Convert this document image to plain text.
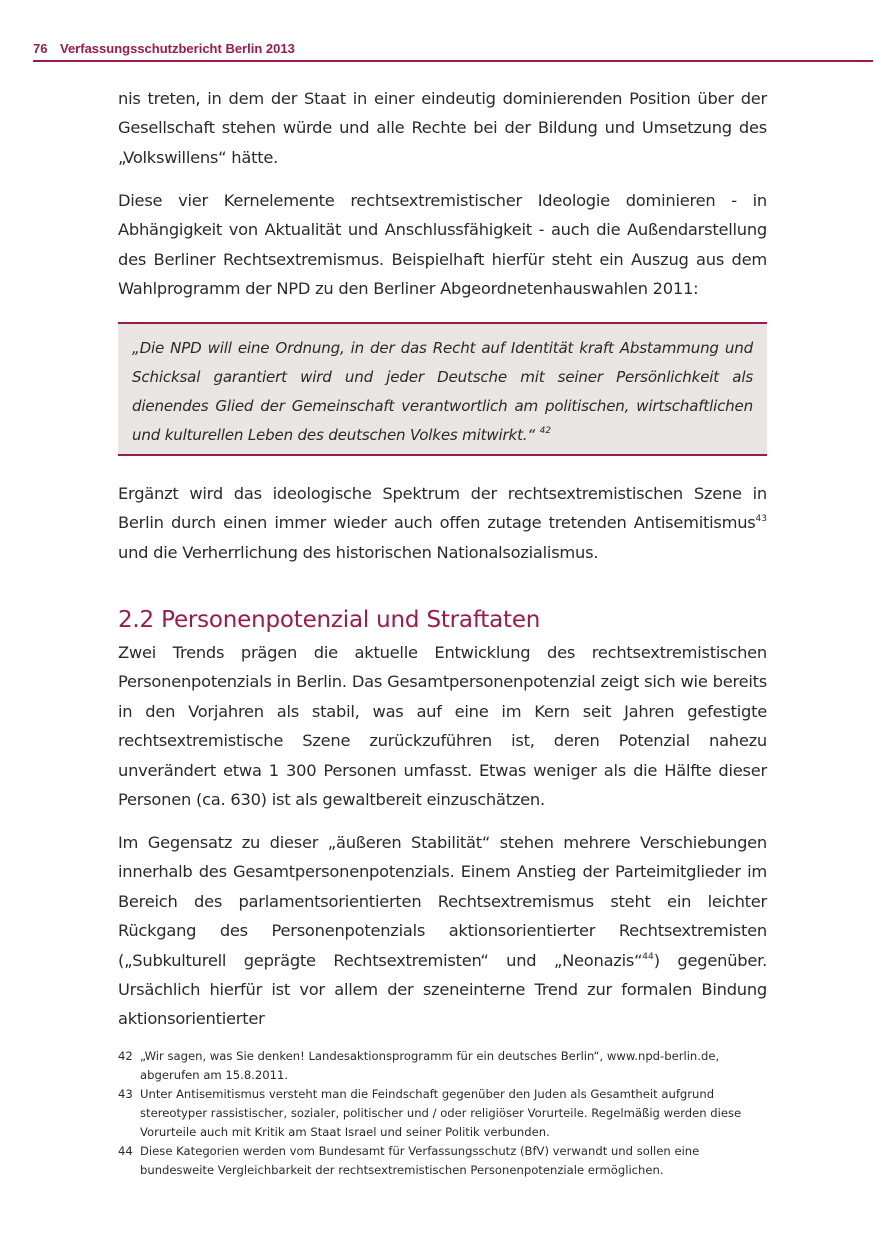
76 Verfassungsschutzbericht Berlin 2013

nis treten, in dem der Staat in einer eindeutig dominierenden Position über der Gesellschaft stehen würde und alle Rechte bei der Bildung und Umsetzung des „Volkswillens“ hätte.

Diese vier Kernelemente rechtsextremistischer Ideologie dominieren - in Abhängigkeit von Aktualität und Anschlussfähigkeit - auch die Außendarstellung des Berliner Rechtsextremismus. Beispielhaft hierfür steht ein Auszug aus dem Wahlprogramm der NPD zu den Berliner Abgeordnetenhauswahlen 2011:

„Die NPD will eine Ordnung, in der das Recht auf Identität kraft Abstammung und Schicksal garantiert wird und jeder Deutsche mit seiner Persönlichkeit als dienendes Glied der Gemeinschaft verantwortlich am politischen, wirtschaftlichen und kulturellen Leben des deutschen Volkes mitwirkt.“ $^{42}$

Ergänzt wird das ideologische Spektrum der rechtsextremistischen Szene in Berlin durch einen immer wieder auch offen zutage tretenden Antisemitismus$^{43}$ und die Verherrlichung des historischen Nationalsozialismus.

2.2 Personenpotenzial und Straftaten

Zwei Trends prägen die aktuelle Entwicklung des rechtsextremistischen Personenpotenzials in Berlin. Das Gesamtpersonenpotenzial zeigt sich wie bereits in den Vorjahren als stabil, was auf eine im Kern seit Jahren gefestigte rechtsextremistische Szene zurückzuführen ist, deren Potenzial nahezu unverändert etwa 1 300 Personen umfasst. Etwas weniger als die Hälfte dieser Personen (ca. 630) ist als gewaltbereit einzuschätzen.

Im Gegensatz zu dieser „äußeren Stabilität“ stehen mehrere Verschiebungen innerhalb des Gesamtpersonenpotenzials. Einem Anstieg der Parteimitglieder im Bereich des parlamentsorientierten Rechtsextremismus steht ein leichter Rückgang des Personenpotenzials aktionsorientierter Rechtsextremisten („Subkulturell geprägte Rechtsextremisten“ und „Neonazis“$^{44}$) gegenüber. Ursächlich hierfür ist vor allem der szeneinterne Trend zur formalen Bindung aktionsorientierter

42 „Wir sagen, was Sie denken! Landesaktionsprogramm für ein deutsches Berlin“, www.npd-berlin.de, abgerufen am 15.8.2011.
43 Unter Antisemitismus versteht man die Feindschaft gegenüber den Juden als Gesamtheit aufgrund stereotyper rassistischer, sozialer, politischer und / oder religiöser Vorurteile. Regelmäßig werden diese Vorurteile auch mit Kritik am Staat Israel und seiner Politik verbunden.
44 Diese Kategorien werden vom Bundesamt für Verfassungsschutz (BfV) verwandt und sollen eine bundesweite Vergleichbarkeit der rechtsextremistischen Personenpotenziale ermöglichen.
